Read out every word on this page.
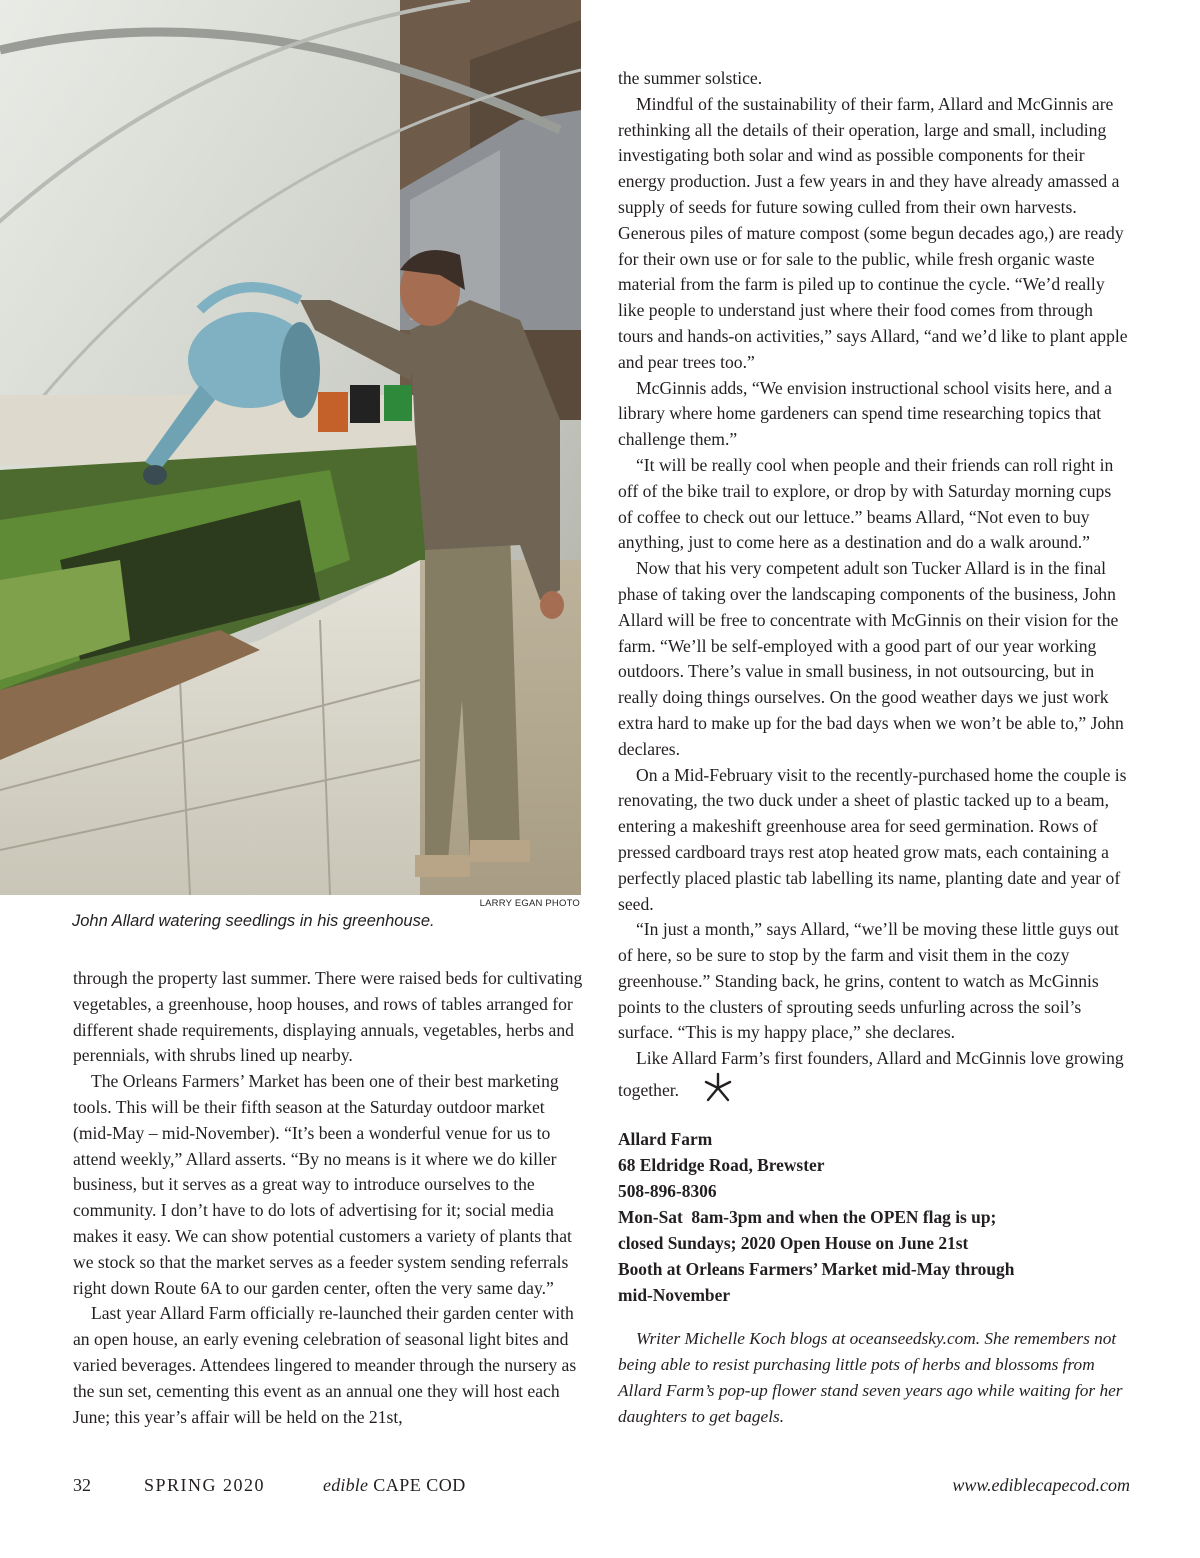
LARRY EGAN PHOTO
John Allard watering seedlings in his greenhouse.

through the property last summer. There were raised beds for cultivating vegetables, a greenhouse, hoop houses, and rows of tables arranged for different shade requirements, displaying annuals, vegetables, herbs and perennials, with shrubs lined up nearby.

The Orleans Farmers’ Market has been one of their best marketing tools. This will be their fifth season at the Saturday outdoor market (mid-May – mid-November). “It’s been a wonderful venue for us to attend weekly,” Allard asserts. “By no means is it where we do killer business, but it serves as a great way to introduce ourselves to the community. I don’t have to do lots of advertising for it; social media makes it easy. We can show potential customers a variety of plants that we stock so that the market serves as a feeder system sending referrals right down Route 6A to our garden center, often the very same day.”

Last year Allard Farm officially re-launched their garden center with an open house, an early evening celebration of seasonal light bites and varied beverages. Attendees lingered to meander through the nursery as the sun set, cementing this event as an annual one they will host each June; this year’s affair will be held on the 21st,

the summer solstice.

Mindful of the sustainability of their farm, Allard and McGinnis are rethinking all the details of their operation, large and small, including investigating both solar and wind as possible components for their energy production. Just a few years in and they have already amassed a supply of seeds for future sowing culled from their own harvests. Generous piles of mature compost (some begun decades ago,) are ready for their own use or for sale to the public, while fresh organic waste material from the farm is piled up to continue the cycle. “We’d really like people to understand just where their food comes from through tours and hands-on activities,” says Allard, “and we’d like to plant apple and pear trees too.”

McGinnis adds, “We envision instructional school visits here, and a library where home gardeners can spend time researching topics that challenge them.”

“It will be really cool when people and their friends can roll right in off of the bike trail to explore, or drop by with Saturday morning cups of coffee to check out our lettuce.” beams Allard, “Not even to buy anything, just to come here as a destination and do a walk around.”

Now that his very competent adult son Tucker Allard is in the final phase of taking over the landscaping components of the business, John Allard will be free to concentrate with McGinnis on their vision for the farm. “We’ll be self-employed with a good part of our year working outdoors. There’s value in small business, in not outsourcing, but in really doing things ourselves. On the good weather days we just work extra hard to make up for the bad days when we won’t be able to,” John declares.

On a Mid-February visit to the recently-purchased home the couple is renovating, the two duck under a sheet of plastic tacked up to a beam, entering a makeshift greenhouse area for seed germination. Rows of pressed cardboard trays rest atop heated grow mats, each containing a perfectly placed plastic tab labelling its name, planting date and year of seed.

“In just a month,” says Allard, “we’ll be moving these little guys out of here, so be sure to stop by the farm and visit them in the cozy greenhouse.” Standing back, he grins, content to watch as McGinnis points to the clusters of sprouting seeds unfurling across the soil’s surface. “This is my happy place,” she declares.

Like Allard Farm’s first founders, Allard and McGinnis love growing together.

Allard Farm
68 Eldridge Road, Brewster
508-896-8306
Mon-Sat  8am-3pm and when the OPEN flag is up;
closed Sundays; 2020 Open House on June 21st
Booth at Orleans Farmers’ Market mid-May through
mid-November

Writer Michelle Koch blogs at oceanseedsky.com. She remembers not being able to resist purchasing little pots of herbs and blossoms from Allard Farm’s pop-up flower stand seven years ago while waiting for her daughters to get bagels.

32	SPRING 2020	edible CAPE COD	www.ediblecapecod.com
